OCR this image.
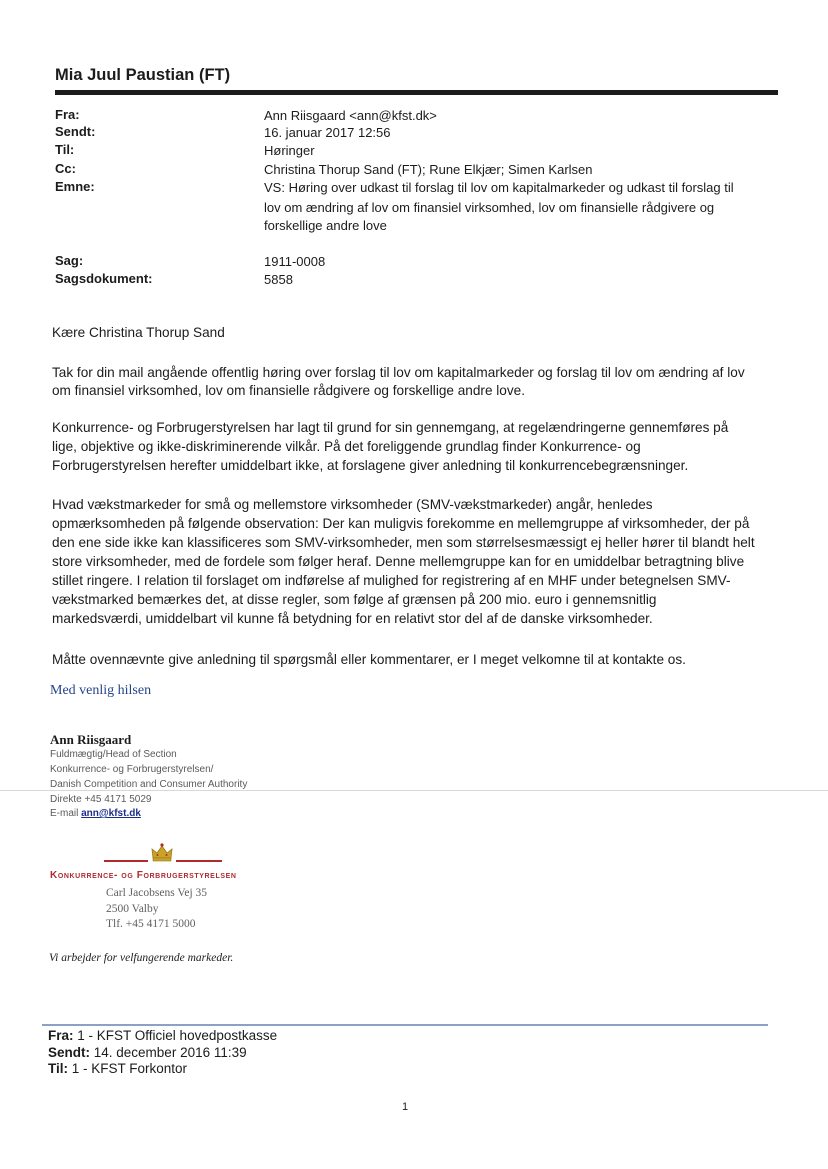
Mia Juul Paustian (FT)
Fra:	Ann Riisgaard <ann@kfst.dk>
Sendt:	16. januar 2017 12:56
Til:	Høringer
Cc:	Christina Thorup Sand (FT); Rune Elkjær; Simen Karlsen
Emne:	VS: Høring over udkast til forslag til lov om kapitalmarkeder og udkast til forslag til
lov om ændring af lov om finansiel virksomhed, lov om finansielle rådgivere og
forskellige andre love
Sag:	1911-0008
Sagsdokument:	5858
Kære Christina Thorup Sand
Tak for din mail angående offentlig høring over forslag til lov om kapitalmarkeder og forslag til lov om ændring af lov
om finansiel virksomhed, lov om finansielle rådgivere og forskellige andre love.
Konkurrence- og Forbrugerstyrelsen har lagt til grund for sin gennemgang, at regelændringerne gennemføres på
lige, objektive og ikke-diskriminerende vilkår. På det foreliggende grundlag finder Konkurrence- og
Forbrugerstyrelsen herefter umiddelbart ikke, at forslagene giver anledning til konkurrencebegrænsninger.
Hvad vækstmarkeder for små og mellemstore virksomheder (SMV-vækstmarkeder) angår, henledes
opmærksomheden på følgende observation: Der kan muligvis forekomme en mellemgruppe af virksomheder, der på
den ene side ikke kan klassificeres som SMV-virksomheder, men som størrelsesmæssigt ej heller hører til blandt helt
store virksomheder, med de fordele som følger heraf. Denne mellemgruppe kan for en umiddelbar betragtning blive
stillet ringere. I relation til forslaget om indførelse af mulighed for registrering af en MHF under betegnelsen SMV-
vækstmarked bemærkes det, at disse regler, som følge af grænsen på 200 mio. euro i gennemsnitlig
markedsværdi, umiddelbart vil kunne få betydning for en relativt stor del af de danske virksomheder.
Måtte ovennævnte give anledning til spørgsmål eller kommentarer, er I meget velkomne til at kontakte os.
Med venlig hilsen
Ann Riisgaard
Fuldmægtig/Head of Section
Konkurrence- og Forbrugerstyrelsen/
Danish Competition and Consumer Authority
Direkte +45 4171 5029
E-mail ann@kfst.dk
Konkurrence- og Forbrugerstyrelsen
Carl Jacobsens Vej 35
2500 Valby
Tlf. +45 4171 5000
Vi arbejder for velfungerende markeder.
Fra: 1 - KFST Officiel hovedpostkasse
Sendt: 14. december 2016 11:39
Til: 1 - KFST Forkontor
1
